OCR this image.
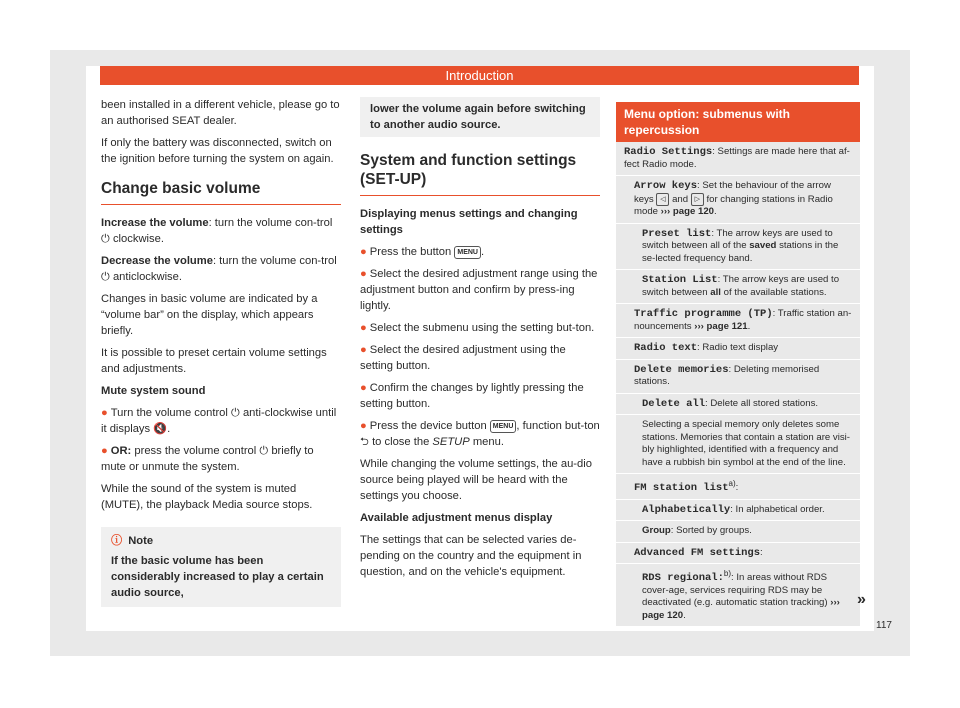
Introduction

been installed in a different vehicle, please go to an authorised SEAT dealer.

If only the battery was disconnected, switch on the ignition before turning the system on again.

Change basic volume

Increase the volume: turn the volume con-trol ⏻ clockwise.

Decrease the volume: turn the volume con-trol ⏻ anticlockwise.

Changes in basic volume are indicated by a “volume bar” on the display, which appears briefly.

It is possible to preset certain volume settings and adjustments.

Mute system sound

● Turn the volume control ⏻ anti-clockwise until it displays 🔇.

● OR: press the volume control ⏻ briefly to mute or unmute the system.

While the sound of the system is muted (MUTE), the playback Media source stops.

ⓘ Note
If the basic volume has been considerably increased to play a certain audio source,
lower the volume again before switching to another audio source.
System and function settings (SET-UP)

Displaying menus settings and changing settings

● Press the button MENU .

● Select the desired adjustment range using the adjustment button and confirm by press-ing lightly.

● Select the submenu using the setting but-ton.

● Select the desired adjustment using the setting button.

● Confirm the changes by lightly pressing the setting button.

● Press the device button MENU , function but-ton ⮌ to close the SETUP menu.

While changing the volume settings, the au-dio source being played will be heard with the settings you choose.

Available adjustment menus display

The settings that can be selected varies de-pending on the country and the equipment in question, and on the vehicle's equipment.

Menu option: submenus with repercussion
Radio Settings: Settings are made here that af-fect Radio mode.
Arrow keys: Set the behaviour of the arrow keys ◁ and ▷ for changing stations in Radio mode ››› page 120.
Preset list: The arrow keys are used to switch between all of the saved stations in the se-lected frequency band.
Station List: The arrow keys are used to switch between all of the available stations.
Traffic programme (TP): Traffic station an-nouncements ››› page 121.
Radio text: Radio text display
Delete memories: Deleting memorised stations.
Delete all: Delete all stored stations.
Selecting a special memory only deletes some stations. Memories that contain a station are visi-bly highlighted, identified with a frequency and have a rubbish bin symbol at the end of the line.
FM station list$^{a)}$:
Alphabetically: In alphabetical order.
Group: Sorted by groups.
Advanced FM settings:
RDS regional:$^{b)}$: In areas without RDS cover-age, services requiring RDS may be deactivated (e.g. automatic station tracking) ››› page 120.
»
117
